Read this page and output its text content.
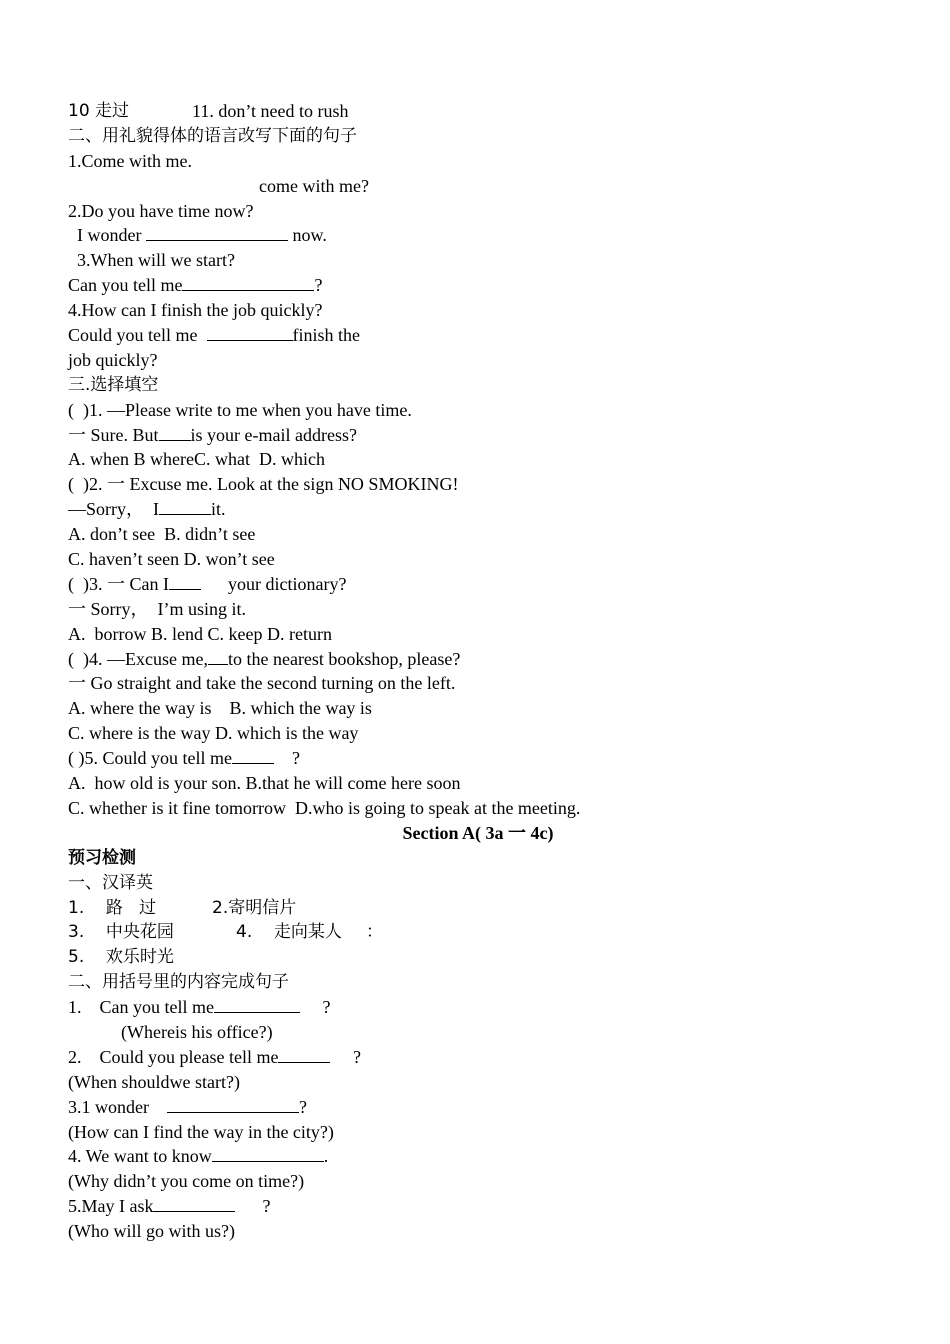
10 走过	11. don’t need to rush
二、用礼貌得体的语言改写下面的句子
1.Come with me.
come with me?
2.Do you have time now?
I wonder	now.
3.When will we start?
Can you tell me	?
4.How can I finish the job quickly?
Could you tell me	finish the
job quickly?
三.选择填空
(  )1. —Please write to me when you have time.
一 Sure. But is your e-mail address?
A. when B whereC. what  D. which
(  )2. 一 Excuse me. Look at the sign NO SMOKING!
—Sorry，  I	it.
A. don’t see  B. didn’t see
C. haven’t seen D. won’t see
(  )3. 一 Can I      your dictionary?
一 Sorry，  I’m using it.
A.  borrow B. lend C. keep D. return
(  )4. —Excuse me, to the nearest bookshop, please?
一 Go straight and take the second turning on the left.
A. where the way is    B. which the way is
C. where is the way D. which is the way
( )5. Could you tell me    ?
A.  how old is your son. B.that he will come here soon
C. whether is it fine tomorrow  D.who is going to speak at the meeting.
Section A( 3a 一 4c)
预习检测
一、汉译英
1.    路   过	2.寄明信片
3.    中央花园	4.    走向某人 ：
5.    欢乐时光
二、用括号里的内容完成句子
1.    Can you tell me	?
(Whereis his office?)
2.    Could you please tell me	?
(When shouldwe start?)
3.1 wonder	?
(How can I find the way in the city?)
4. We want to know	.
(Why didn’t you come on time?)
5.May I ask	?
(Who will go with us?)
